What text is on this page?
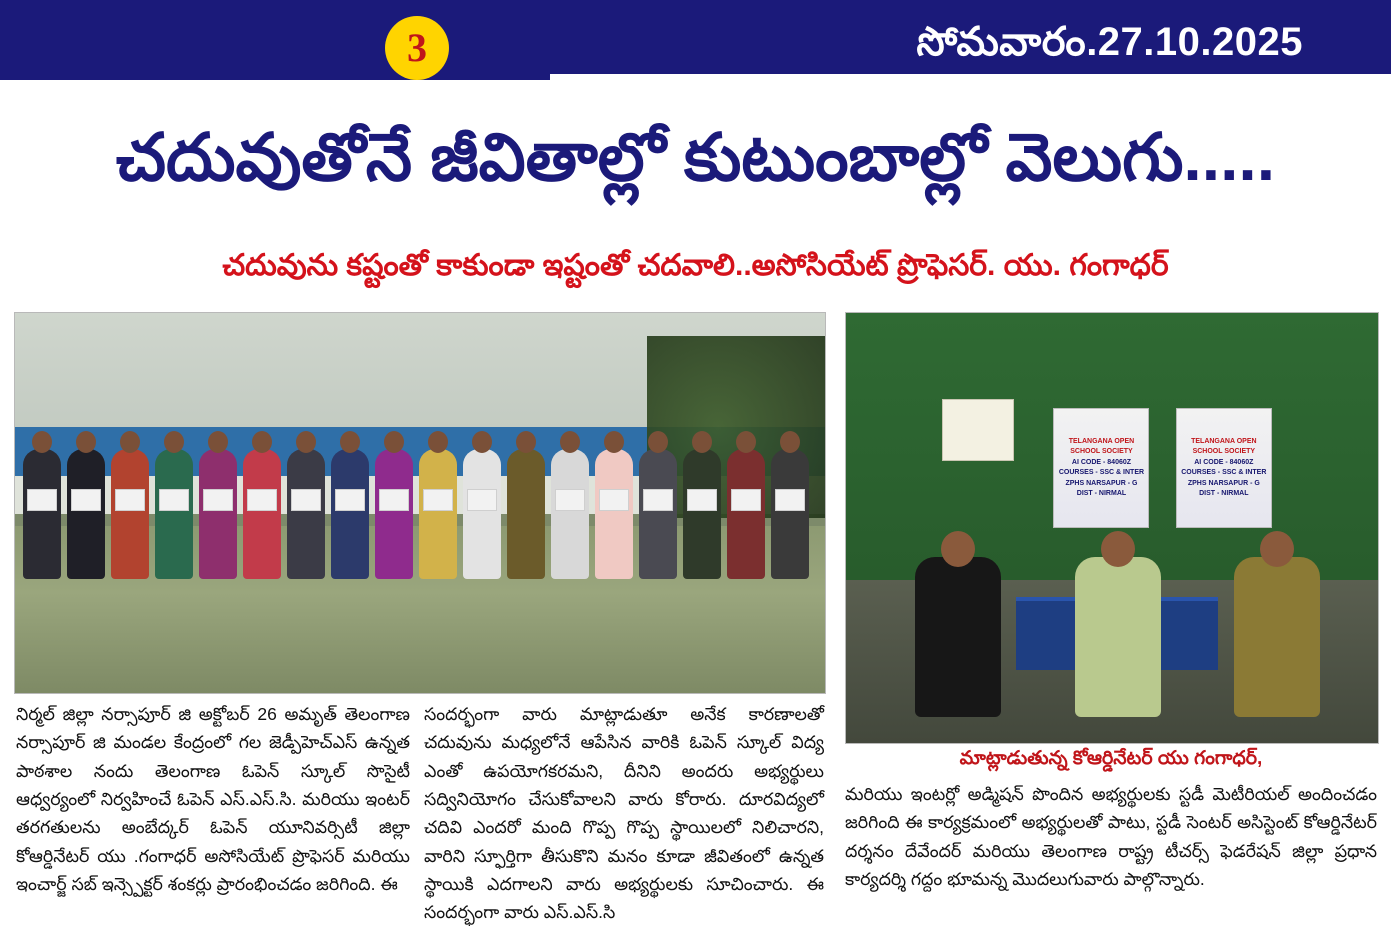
3	సోమవారం.27.10.2025
చదువుతోనే జీవితాల్లో కుటుంబాల్లో వెలుగు.....
చదువును కష్టంతో కాకుండా ఇష్టంతో చదవాలి..అసోసియేట్ ప్రొఫెసర్. యు. గంగాధర్
TELANGANA OPEN SCHOOL SOCIETY
AI CODE - 84060Z
COURSES - SSC & INTER
ZPHS NARSAPUR - G
DIST - NIRMAL
TELANGANA OPEN SCHOOL SOCIETY
AI CODE - 84060Z
COURSES - SSC & INTER
ZPHS NARSAPUR - G
DIST - NIRMAL
మాట్లాడుతున్న కోఆర్డినేటర్ యు గంగాధర్,

నిర్మల్ జిల్లా నర్సాపూర్ జి అక్టోబర్ 26 అమృత్ తెలంగాణ నర్సాపూర్ జి మండల కేంద్రంలో గల జెడ్పీహెచ్ఎస్ ఉన్నత పాఠశాల నందు తెలంగాణ ఓపెన్ స్కూల్ సొసైటీ ఆధ్వర్యంలో నిర్వహించే ఓపెన్ ఎస్.ఎస్.సి. మరియు ఇంటర్ తరగతులను అంబేద్కర్ ఓపెన్ యూనివర్సిటీ జిల్లా కోఆర్డినేటర్ యు .గంగాధర్ అసోసియేట్ ప్రొఫెసర్ మరియు ఇంచార్జ్ సబ్ ఇన్స్పెక్టర్ శంకర్లు ప్రారంభించడం జరిగింది. ఈ

సందర్భంగా వారు మాట్లాడుతూ అనేక కారణాలతో చదువును మధ్యలోనే ఆపేసిన వారికి ఓపెన్ స్కూల్ విద్య ఎంతో ఉపయోగకరమని, దీనిని అందరు అభ్యర్థులు సద్వినియోగం చేసుకోవాలని వారు కోరారు. దూరవిద్యలో చదివి ఎందరో మంది గొప్ప గొప్ప స్థాయిలలో నిలిచారని, వారిని స్ఫూర్తిగా తీసుకొని మనం కూడా జీవితంలో ఉన్నత స్థాయికి ఎదగాలని వారు అభ్యర్థులకు సూచించారు. ఈ సందర్భంగా వారు ఎస్.ఎస్.సి

మరియు ఇంటర్లో అడ్మిషన్ పొందిన అభ్యర్థులకు స్టడీ మెటీరియల్ అందించడం జరిగింది ఈ కార్యక్రమంలో అభ్యర్థులతో పాటు, స్టడీ సెంటర్ అసిస్టెంట్ కోఆర్డినేటర్ దర్శనం దేవేందర్ మరియు తెలంగాణ రాష్ట్ర టీచర్స్ ఫెడరేషన్ జిల్లా ప్రధాన కార్యదర్శి గద్దం భూమన్న మొదలుగువారు పాల్గొన్నారు.
